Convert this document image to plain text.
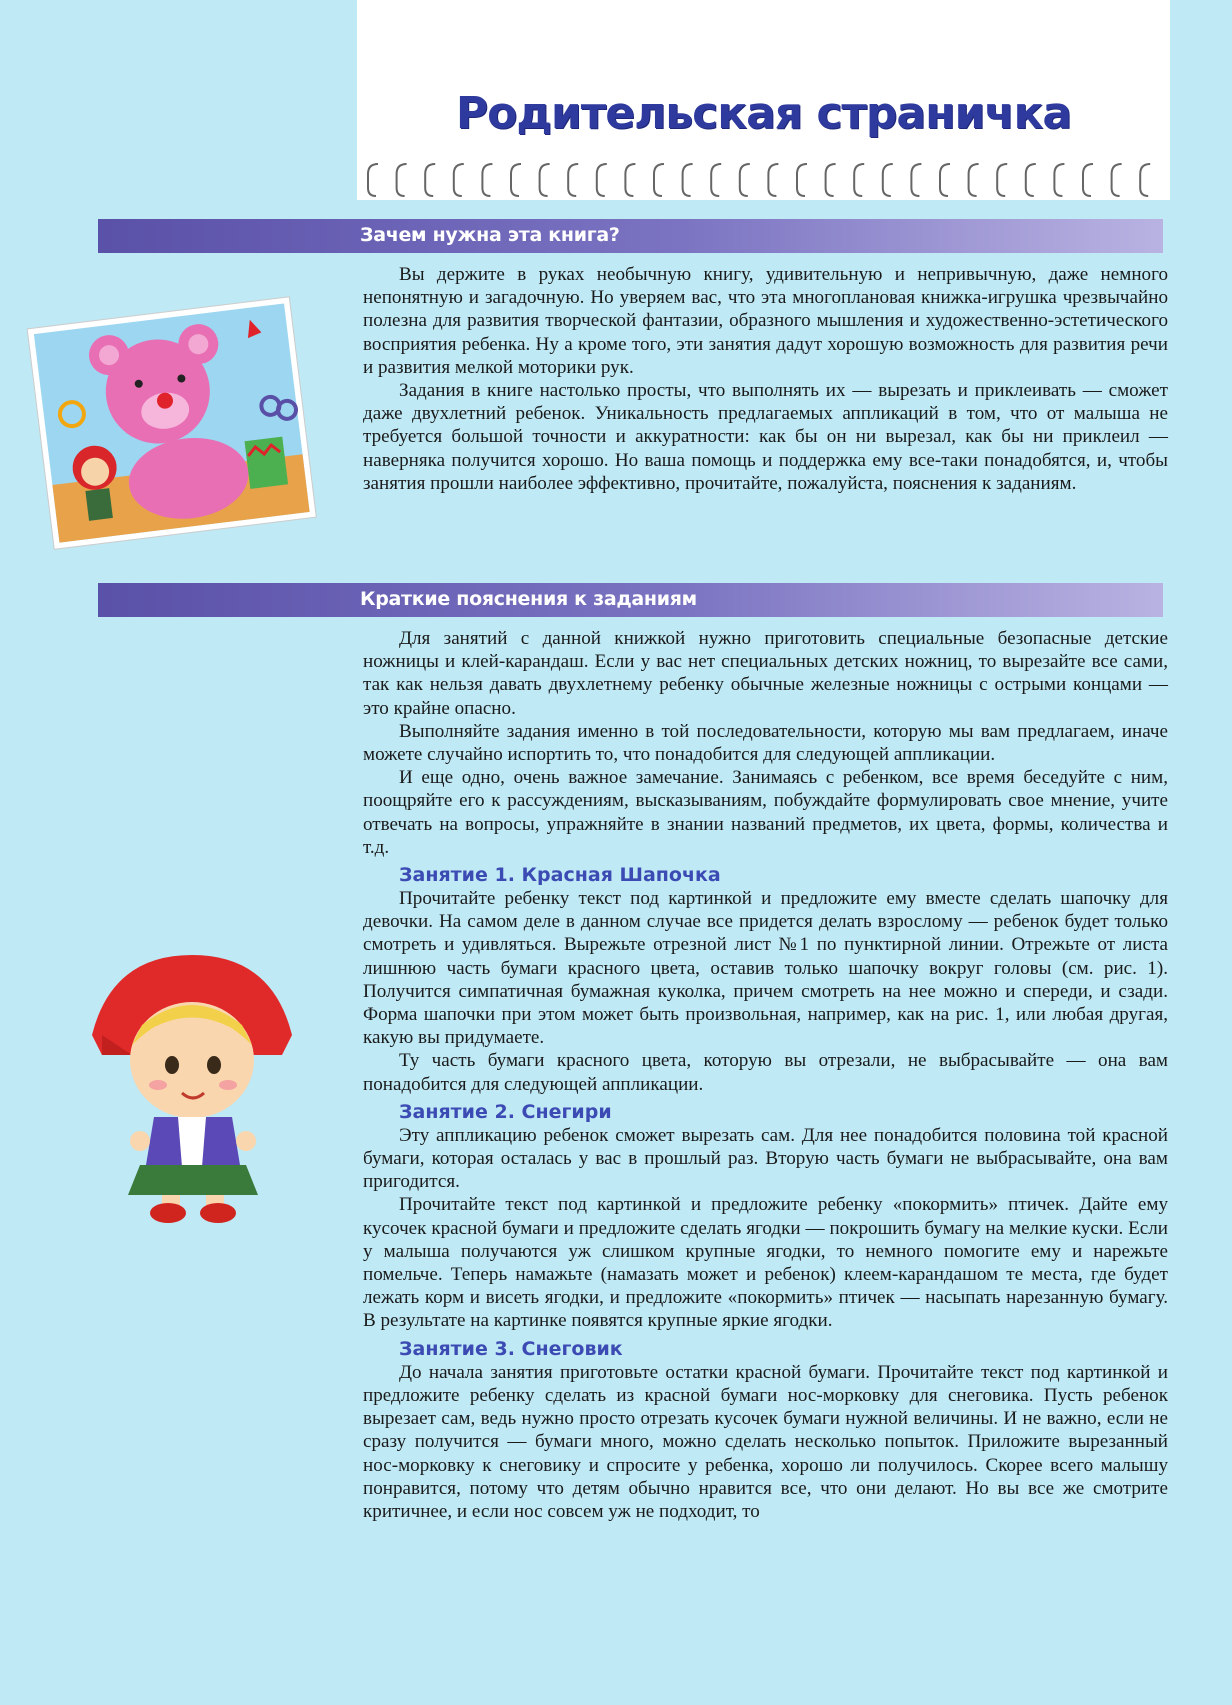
Родительская страничка
Зачем нужна эта книга?

Вы держите в руках необычную книгу, удивительную и непривычную, даже немного непонятную и загадочную. Но уверяем вас, что эта многоплановая книжка-игрушка чрезвычайно полезна для развития творческой фантазии, образного мышления и художественно-эстетического восприятия ребенка. Ну а кроме того, эти занятия дадут хорошую возможность для развития речи и развития мелкой моторики рук.

Задания в книге настолько просты, что выполнять их — вырезать и приклеивать — сможет даже двухлетний ребенок. Уникальность предлагаемых аппликаций в том, что от малыша не требуется большой точности и аккуратности: как бы он ни вырезал, как бы ни приклеил — наверняка получится хорошо. Но ваша помощь и поддержка ему все-таки понадобятся, и, чтобы занятия прошли наиболее эффективно, прочитайте, пожалуйста, пояснения к заданиям.

Краткие пояснения к заданиям

Для занятий с данной книжкой нужно приготовить специальные безопасные детские ножницы и клей-карандаш. Если у вас нет специальных детских ножниц, то вырезайте все сами, так как нельзя давать двухлетнему ребенку обычные железные ножницы с острыми концами — это крайне опасно.

Выполняйте задания именно в той последовательности, которую мы вам предлагаем, иначе можете случайно испортить то, что понадобится для следующей аппликации.

И еще одно, очень важное замечание. Занимаясь с ребенком, все время беседуйте с ним, поощряйте его к рассуждениям, высказываниям, побуждайте формулировать свое мнение, учите отвечать на вопросы, упражняйте в знании названий предметов, их цвета, формы, количества и т.д.

Занятие 1. Красная Шапочка

Прочитайте ребенку текст под картинкой и предложите ему вместе сделать шапочку для девочки. На самом деле в данном случае все придется делать взрослому — ребенок будет только смотреть и удивляться. Вырежьте отрезной лист №1 по пунктирной линии. Отрежьте от листа лишнюю часть бумаги красного цвета, оставив только шапочку вокруг головы (см. рис. 1). Получится симпатичная бумажная куколка, причем смотреть на нее можно и спереди, и сзади. Форма шапочки при этом может быть произвольная, например, как на рис. 1, или любая другая, какую вы придумаете.

Ту часть бумаги красного цвета, которую вы отрезали, не выбрасывайте — она вам понадобится для следующей аппликации.

Занятие 2. Снегири

Эту аппликацию ребенок сможет вырезать сам. Для нее понадобится половина той красной бумаги, которая осталась у вас в прошлый раз. Вторую часть бумаги не выбрасывайте, она вам пригодится.

Прочитайте текст под картинкой и предложите ребенку «покормить» птичек. Дайте ему кусочек красной бумаги и предложите сделать ягодки — покрошить бумагу на мелкие куски. Если у малыша получаются уж слишком крупные ягодки, то немного помогите ему и нарежьте помельче. Теперь намажьте (намазать может и ребенок) клеем-карандашом те места, где будет лежать корм и висеть ягодки, и предложите «покормить» птичек — насыпать нарезанную бумагу. В результате на картинке появятся крупные яркие ягодки.

Занятие 3. Снеговик

До начала занятия приготовьте остатки красной бумаги. Прочитайте текст под картинкой и предложите ребенку сделать из красной бумаги нос-морковку для снеговика. Пусть ребенок вырезает сам, ведь нужно просто отрезать кусочек бумаги нужной величины. И не важно, если не сразу получится — бумаги много, можно сделать несколько попыток. Приложите вырезанный нос-морковку к снеговику и спросите у ребенка, хорошо ли получилось. Скорее всего малышу понравится, потому что детям обычно нравится все, что они делают. Но вы все же смотрите критичнее, и если нос совсем уж не подходит, то
